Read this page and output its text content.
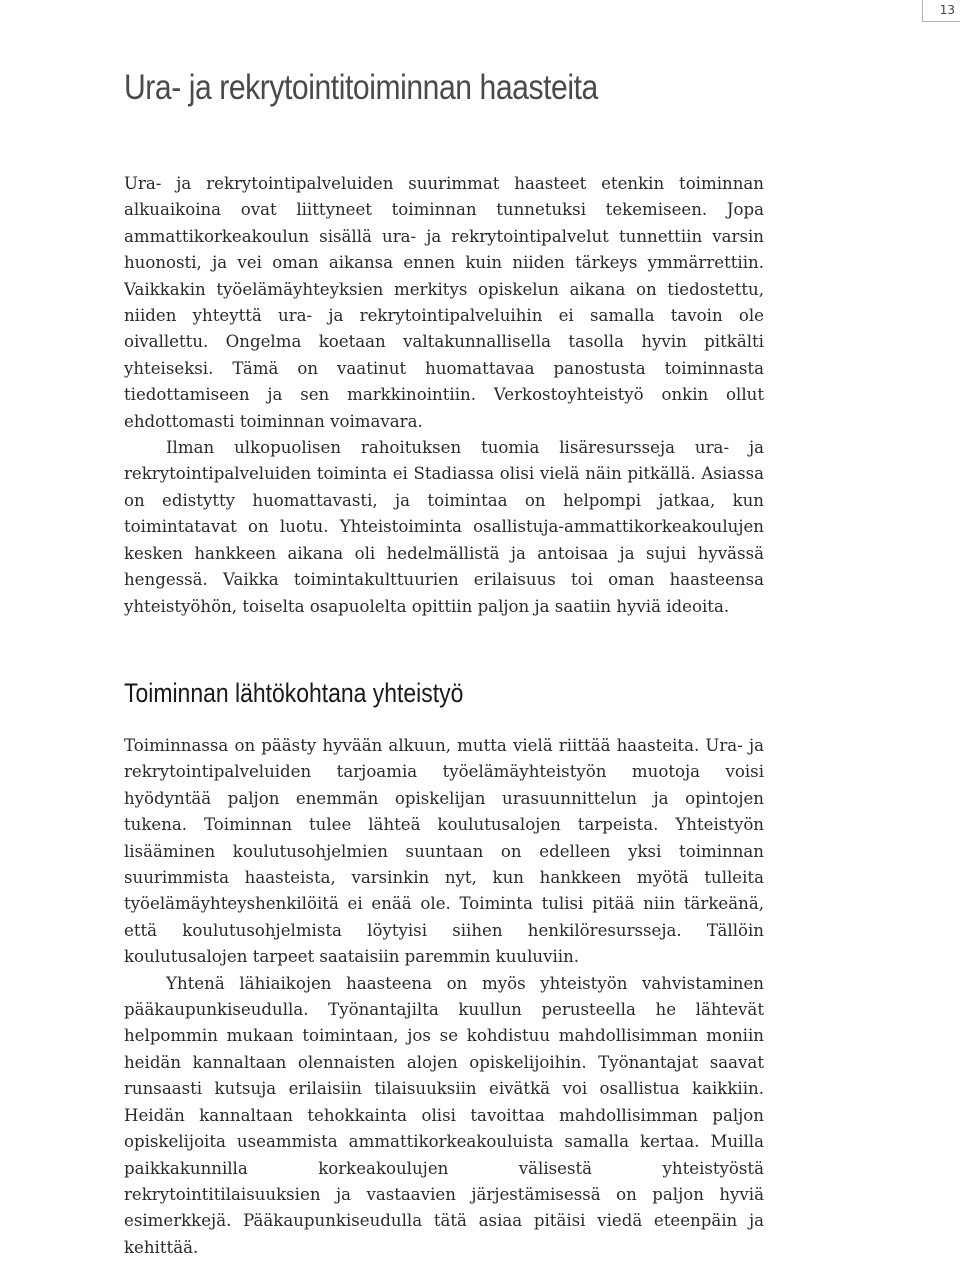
13
Ura- ja rekrytointitoiminnan haasteita

Ura- ja rekrytointipalveluiden suurimmat haasteet etenkin toiminnan alkuaikoina ovat liittyneet toiminnan tunnetuksi tekemiseen. Jopa ammattikorkeakoulun sisällä ura- ja rekrytointipalvelut tunnettiin varsin huonosti, ja vei oman aikansa ennen kuin niiden tärkeys ymmärrettiin. Vaikkakin työelämäyhteyksien merkitys opiskelun aikana on tiedostettu, niiden yhteyttä ura- ja rekrytointipalveluihin ei samalla tavoin ole oivallettu. Ongelma koetaan valtakunnallisella tasolla hyvin pitkälti yhteiseksi. Tämä on vaatinut huomattavaa panostusta toiminnasta tiedottamiseen ja sen markkinointiin. Verkostoyhteistyö onkin ollut ehdottomasti toiminnan voimavara.

Ilman ulkopuolisen rahoituksen tuomia lisäresursseja ura- ja rekrytointipalveluiden toiminta ei Stadiassa olisi vielä näin pitkällä. Asiassa on edistytty huomattavasti, ja toimintaa on helpompi jatkaa, kun toimintatavat on luotu. Yhteistoiminta osallistuja-ammattikorkeakoulujen kesken hankkeen aikana oli hedelmällistä ja antoisaa ja sujui hyvässä hengessä. Vaikka toimintakulttuurien erilaisuus toi oman haasteensa yhteistyöhön, toiselta osapuolelta opittiin paljon ja saatiin hyviä ideoita.

Toiminnan lähtökohtana yhteistyö

Toiminnassa on päästy hyvään alkuun, mutta vielä riittää haasteita. Ura- ja rekrytointipalveluiden tarjoamia työelämäyhteistyön muotoja voisi hyödyntää paljon enemmän opiskelijan urasuunnittelun ja opintojen tukena. Toiminnan tulee lähteä koulutusalojen tarpeista. Yhteistyön lisääminen koulutusohjelmien suuntaan on edelleen yksi toiminnan suurimmista haasteista, varsinkin nyt, kun hankkeen myötä tulleita työelämäyhteyshenkilöitä ei enää ole. Toiminta tulisi pitää niin tärkeänä, että koulutusohjelmista löytyisi siihen henkilöresursseja. Tällöin koulutusalojen tarpeet saataisiin paremmin kuuluviin.

Yhtenä lähiaikojen haasteena on myös yhteistyön vahvistaminen pääkaupunkiseudulla. Työnantajilta kuullun perusteella he lähtevät helpommin mukaan toimintaan, jos se kohdistuu mahdollisimman moniin heidän kannaltaan olennaisten alojen opiskelijoihin. Työnantajat saavat runsaasti kutsuja erilaisiin tilaisuuksiin eivätkä voi osallistua kaikkiin. Heidän kannaltaan tehokkainta olisi tavoittaa mahdollisimman paljon opiskelijoita useammista ammattikorkeakouluista samalla kertaa. Muilla paikkakunnilla korkeakoulujen välisestä yhteistyöstä rekrytointitilaisuuksien ja vastaavien järjestämisessä on paljon hyviä esimerkkejä. Pääkaupunkiseudulla tätä asiaa pitäisi viedä eteenpäin ja kehittää.
